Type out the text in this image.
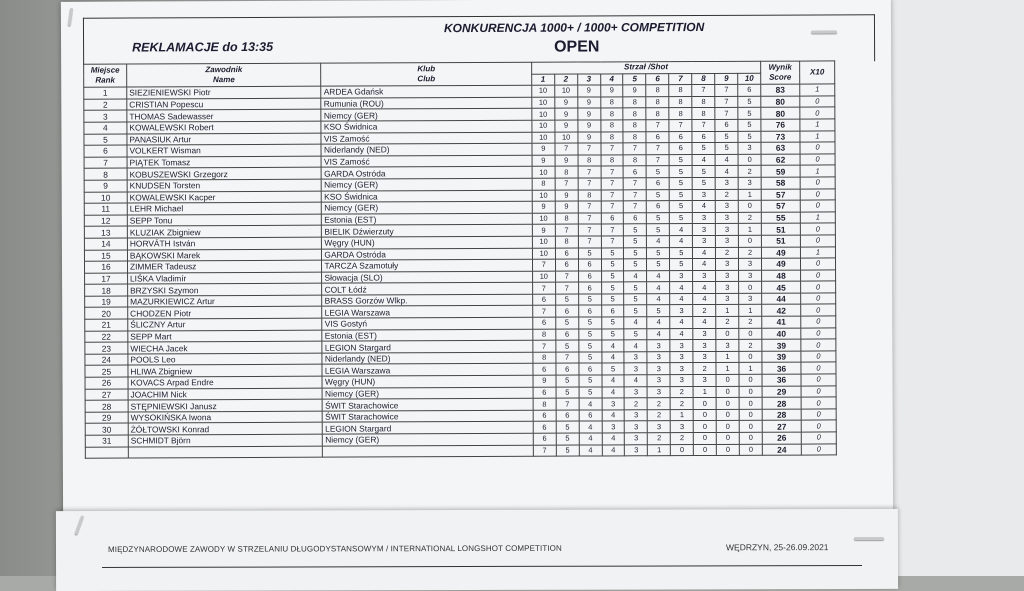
KONKURENCJA 1000+ / 1000+ COMPETITION
OPEN
REKLAMACJE do 13:35
Miejsce
Rank	Zawodnik
Name	Klub
Club	Strzał /Shot										Wynik
Score	X10
			1	2	3	4	5	6	7	8	9	10		
1	SIEZIENIEWSKI Piotr	ARDEA Gdańsk	10	10	9	9	9	8	8	7	7	6	83	1
2	CRISTIAN Popescu	Rumunia (ROU)	10	9	9	8	8	8	8	8	7	5	80	0
3	THOMAS Sadewasser	Niemcy (GER)	10	9	9	8	8	8	8	8	7	5	80	0
4	KOWALEWSKI Robert	KSO Świdnica	10	9	9	8	8	7	7	7	6	5	76	1
5	PANASIUK Artur	VIS Zamość	10	10	9	8	8	6	6	6	5	5	73	1
6	VOLKERT Wisman	Niderlandy (NED)	9	7	7	7	7	7	6	5	5	3	63	0
7	PIĄTEK Tomasz	VIS Zamość	9	9	8	8	8	7	5	4	4	0	62	0
8	KOBUSZEWSKI Grzegorz	GARDA Ostróda	10	8	7	7	6	5	5	5	4	2	59	1
9	KNUDSEN Torsten	Niemcy (GER)	8	7	7	7	7	6	5	5	3	3	58	0
10	KOWALEWSKI Kacper	KSO Świdnica	10	9	8	7	7	5	5	3	2	1	57	0
11	LEHR Michael	Niemcy (GER)	9	9	7	7	7	6	5	4	3	0	57	0
12	SEPP Tonu	Estonia (EST)	10	8	7	6	6	5	5	3	3	2	55	1
13	KLUZIAK Zbigniew	BIELIK Dźwierzuty	9	7	7	7	5	5	4	3	3	1	51	0
14	HORVÁTH István	Węgry (HUN)	10	8	7	7	5	4	4	3	3	0	51	0
15	BĄKOWSKI Marek	GARDA Ostróda	10	6	5	5	5	5	5	4	2	2	49	1
16	ZIMMER Tadeusz	TARCZA Szamotuły	7	6	6	5	5	5	5	4	3	3	49	0
17	LIŚKA Vladimír	Słowacja (SLO)	10	7	6	5	4	4	3	3	3	3	48	0
18	BRZYSKI Szymon	COLT Łódź	7	7	6	5	5	4	4	4	3	0	45	0
19	MAZURKIEWICZ Artur	BRASS Gorzów Wlkp.	6	5	5	5	5	4	4	4	3	3	44	0
20	CHODZEN Piotr	LEGIA Warszawa	7	6	6	6	5	5	3	2	1	1	42	0
21	ŚLICZNY Artur	VIS Gostyń	6	5	5	5	4	4	4	4	2	2	41	0
22	SEPP Mart	Estonia (EST)	8	6	5	5	5	4	4	3	0	0	40	0
23	WIECHA Jacek	LEGION Stargard	7	5	5	4	4	3	3	3	3	2	39	0
24	POOLS Leo	Niderlandy (NED)	8	7	5	4	3	3	3	3	1	0	39	0
25	HLIWA Zbigniew	LEGIA Warszawa	6	6	6	5	3	3	3	2	1	1	36	0
26	KOVACS Arpad Endre	Węgry (HUN)	9	5	5	4	4	3	3	3	0	0	36	0
27	JOACHIM Nick	Niemcy (GER)	6	5	5	4	3	3	2	1	0	0	29	0
28	STĘPNIEWSKI Janusz	ŚWIT Starachowice	8	7	4	3	2	2	2	0	0	0	28	0
29	WYSOKIŃSKA Iwona	ŚWIT Starachowice	6	6	6	4	3	2	1	0	0	0	28	0
30	ŻÓŁTOWSKI Konrad	LEGION Stargard	6	5	4	3	3	3	3	0	0	0	27	0
31	SCHMIDT Björn	Niemcy (GER)	6	5	4	4	3	2	2	0	0	0	26	0
			7	5	4	4	3	1	0	0	0	0	24	0
MIĘDZYNARODOWE ZAWODY W STRZELANIU DŁUGODYSTANSOWYM / INTERNATIONAL LONGSHOT COMPETITION	WĘDRZYN, 25-26.09.2021
